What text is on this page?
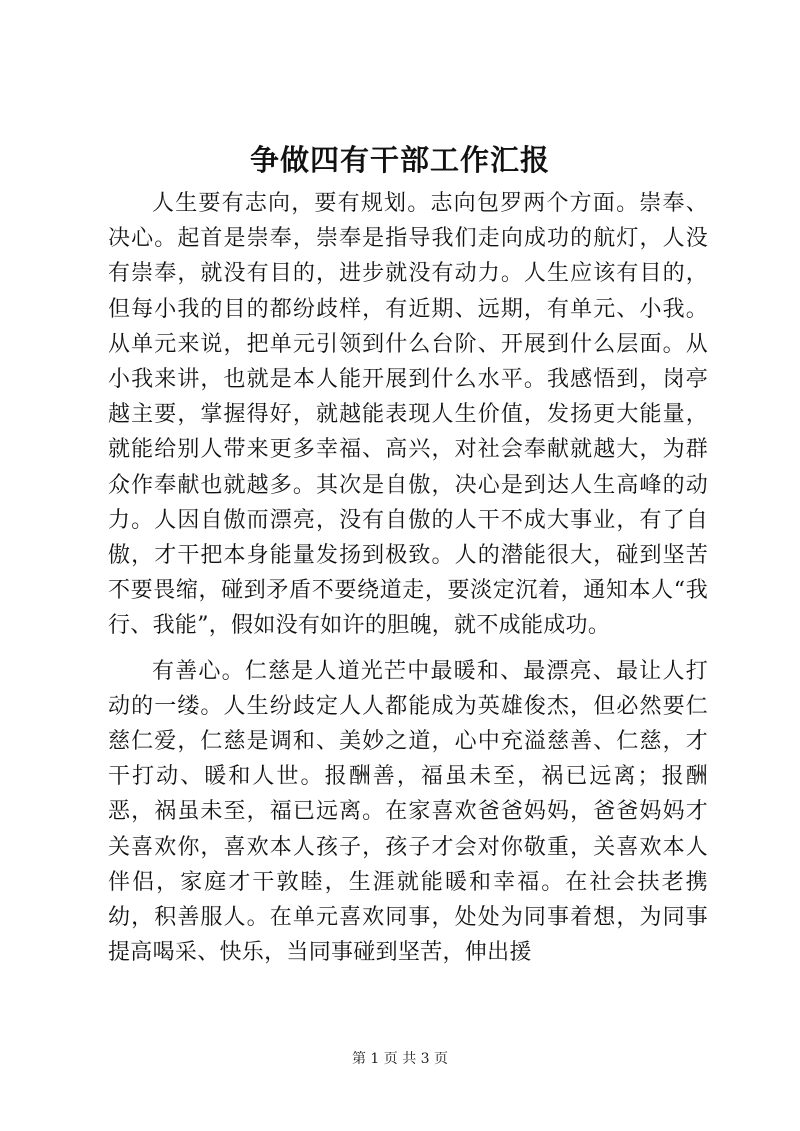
争做四有干部工作汇报

人生要有志向，要有规划。志向包罗两个方面。崇奉、决心。起首是崇奉，崇奉是指导我们走向成功的航灯，人没有崇奉，就没有目的，进步就没有动力。人生应该有目的，但每小我的目的都纷歧样，有近期、远期，有单元、小我。从单元来说，把单元引领到什么台阶、开展到什么层面。从小我来讲，也就是本人能开展到什么水平。我感悟到，岗亭越主要，掌握得好，就越能表现人生价值，发扬更大能量，就能给别人带来更多幸福、高兴，对社会奉献就越大，为群众作奉献也就越多。其次是自傲，决心是到达人生高峰的动力。人因自傲而漂亮，没有自傲的人干不成大事业，有了自傲，才干把本身能量发扬到极致。人的潜能很大，碰到坚苦不要畏缩，碰到矛盾不要绕道走，要淡定沉着，通知本人“我行、我能”，假如没有如许的胆魄，就不成能成功。

有善心。仁慈是人道光芒中最暖和、最漂亮、最让人打动的一缕。人生纷歧定人人都能成为英雄俊杰，但必然要仁慈仁爱，仁慈是调和、美妙之道，心中充溢慈善、仁慈，才干打动、暖和人世。报酬善，福虽未至，祸已远离；报酬恶，祸虽未至，福已远离。在家喜欢爸爸妈妈，爸爸妈妈才关喜欢你，喜欢本人孩子，孩子才会对你敬重，关喜欢本人伴侣，家庭才干敦睦，生涯就能暖和幸福。在社会扶老携幼，积善服人。在单元喜欢同事，处处为同事着想，为同事提高喝采、快乐，当同事碰到坚苦，伸出援

第 1 页 共 3 页
